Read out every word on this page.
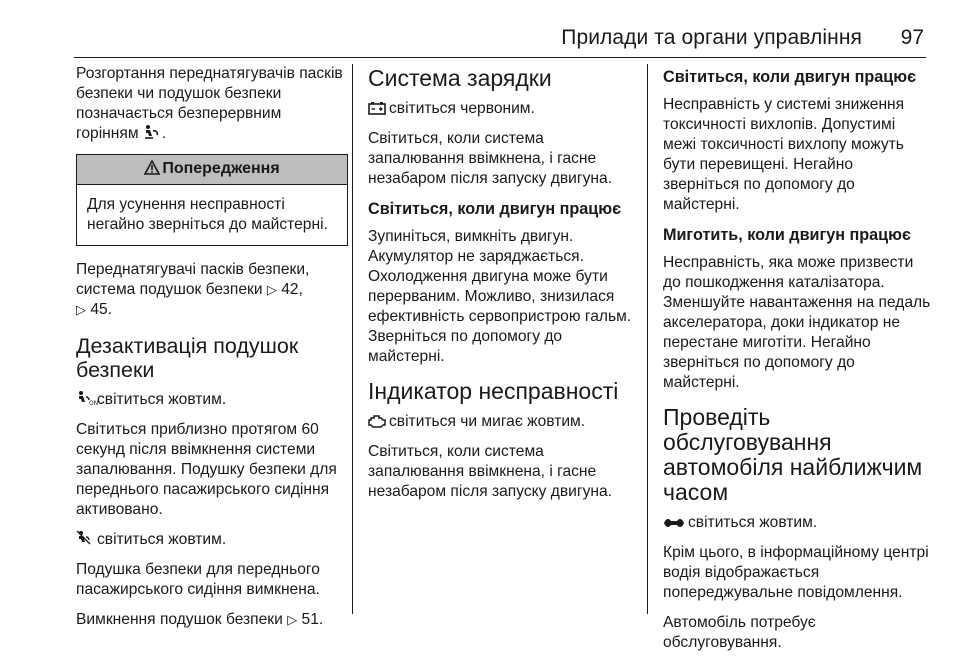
Прилади та органи управління 97

Розгортання переднатягувачів пасків безпеки чи подушок безпеки позначається безперервним горінням .

Попередження
Для усунення несправності негайно зверніться до майстерні.

Переднатягувачі пасків безпеки, система подушок безпеки ▷ 42,
▷ 45.

Дезактивація подушок безпеки

ON
світиться жовтим.

Світиться приблизно протягом 60 секунд після ввімкнення системи запалювання. Подушку безпеки для переднього пасажирського сидіння активовано.

світиться жовтим.

Подушка безпеки для переднього пасажирського сидіння вимкнена.

Вимкнення подушок безпеки ▷ 51.

Система зарядки

світиться червоним.

Світиться, коли система запалювання ввімкнена, і гасне незабаром після запуску двигуна.

Світиться, коли двигун працює

Зупиніться, вимкніть двигун. Акумулятор не заряджається. Охолодження двигуна може бути перерваним. Можливо, знизилася ефективність сервопристрою гальм. Зверніться по допомогу до майстерні.

Індикатор несправності

світиться чи мигає жовтим.

Світиться, коли система запалювання ввімкнена, і гасне незабаром після запуску двигуна.

Світиться, коли двигун працює

Несправність у системі зниження токсичності вихлопів. Допустимі межі токсичності вихлопу можуть бути перевищені. Негайно зверніться по допомогу до майстерні.

Миготить, коли двигун працює

Несправність, яка може призвести до пошкодження каталізатора. Зменшуйте навантаження на педаль акселератора, доки індикатор не перестане миготіти. Негайно зверніться по допомогу до майстерні.

Проведіть обслуговування автомобіля найближчим часом

світиться жовтим.

Крім цього, в інформаційному центрі водія відображається попереджувальне повідомлення.

Автомобіль потребує обслуговування.
